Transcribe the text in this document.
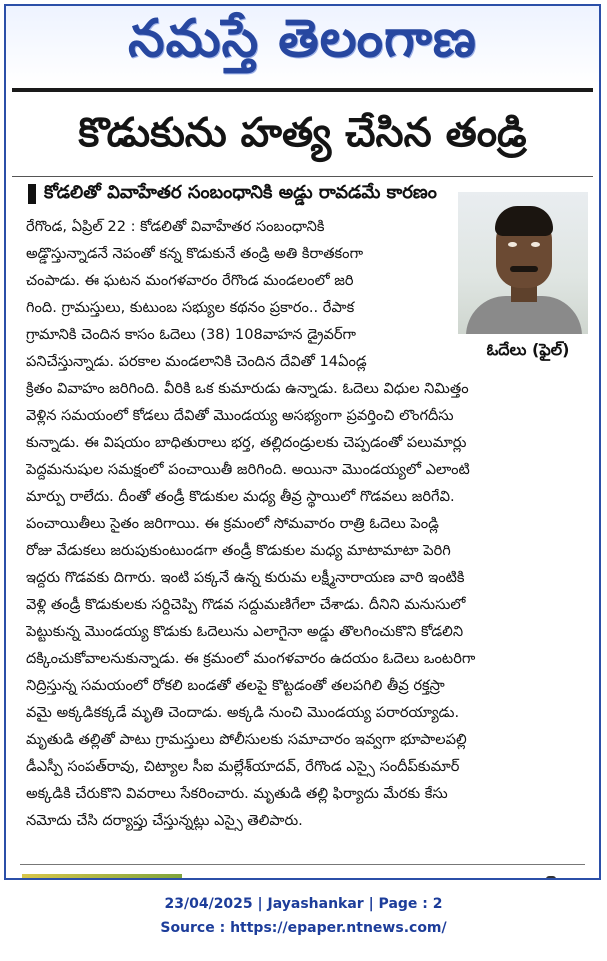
నమస్తే తెలంగాణ
కొడుకును హత్య చేసిన తండ్రి
కోడలితో వివాహేతర సంబంధానికి అడ్డు రావడమే కారణం
ఓదేలు (ఫైల్)
రేగొండ, ఏప్రిల్ 22 : కోడలితో వివాహేతర సంబంధానికి
అడ్డొస్తున్నాడనే నెపంతో కన్న కొడుకునే తండ్రి అతి కిరాతకంగా
చంపాడు. ఈ ఘటన మంగళవారం రేగొండ మండలంలో జరి
గింది. గ్రామస్తులు, కుటుంబ సభ్యుల కథనం ప్రకారం.. రేపాక
గ్రామానికి చెందిన కాసం ఓదెలు (38) 108వాహన డ్రైవర్‌గా
పనిచేస్తున్నాడు. పరకాల మండలానికి చెందిన దేవితో 14ఏండ్ల
క్రితం వివాహం జరిగింది. వీరికి ఒక కుమారుడు ఉన్నాడు. ఓదెలు విధుల నిమిత్తం
వెళ్లిన సమయంలో కోడలు దేవితో మొండయ్య అసభ్యంగా ప్రవర్తించి లొంగదీసు
కున్నాడు. ఈ విషయం బాధితురాలు భర్త, తల్లిదండ్రులకు చెప్పడంతో పలుమార్లు
పెద్దమనుషుల సమక్షంలో పంచాయితీ జరిగింది. అయినా మొండయ్యలో ఎలాంటి
మార్పు రాలేదు. దీంతో తండ్రీ కొడుకుల మధ్య తీవ్ర స్థాయిలో గొడవలు జరిగేవి.
పంచాయితీలు సైతం జరిగాయి. ఈ క్రమంలో సోమవారం రాత్రి ఓదెలు పెండ్లి
రోజు వేడుకలు జరుపుకుంటుండగా తండ్రీ కొడుకుల మధ్య మాటామాటా పెరిగి
ఇద్దరు గొడవకు దిగారు. ఇంటి పక్కనే ఉన్న కురుమ లక్ష్మీనారాయణ వారి ఇంటికి
వెళ్లి తండ్రీ కొడుకులకు సర్దిచెప్పి గొడవ సద్దుమణిగేలా చేశాడు. దీనిని మనుసులో
పెట్టుకున్న మొండయ్య కొడుకు ఓదెలును ఎలాగైనా అడ్డు తొలగించుకొని కోడలిని
దక్కించుకోవాలనుకున్నాడు. ఈ క్రమంలో మంగళవారం ఉదయం ఓదెలు ఒంటరిగా
నిద్రిస్తున్న సమయంలో రోకలి బండతో తలపై కొట్టడంతో తలపగిలి తీవ్ర రక్తస్రా
వమై అక్కడికక్కడే మృతి చెందాడు. అక్కడి నుంచి మొండయ్య పరారయ్యాడు.
మృతుడి తల్లితో పాటు గ్రామస్తులు పోలీసులకు సమాచారం ఇవ్వగా భూపాలపల్లి
డీఎస్పీ సంపత్‌రావు, చిట్యాల సీఐ మల్లేశ్‌యాదవ్, రేగొండ ఎస్సై సందీప్‌కుమార్
అక్కడికి చేరుకొని వివరాలు సేకరించారు. మృతుడి తల్లి ఫిర్యాదు మేరకు కేసు
నమోదు చేసి దర్యాప్తు చేస్తున్నట్లు ఎస్సై తెలిపారు.
23/04/2025 | Jayashankar | Page : 2
Source : https://epaper.ntnews.com/
